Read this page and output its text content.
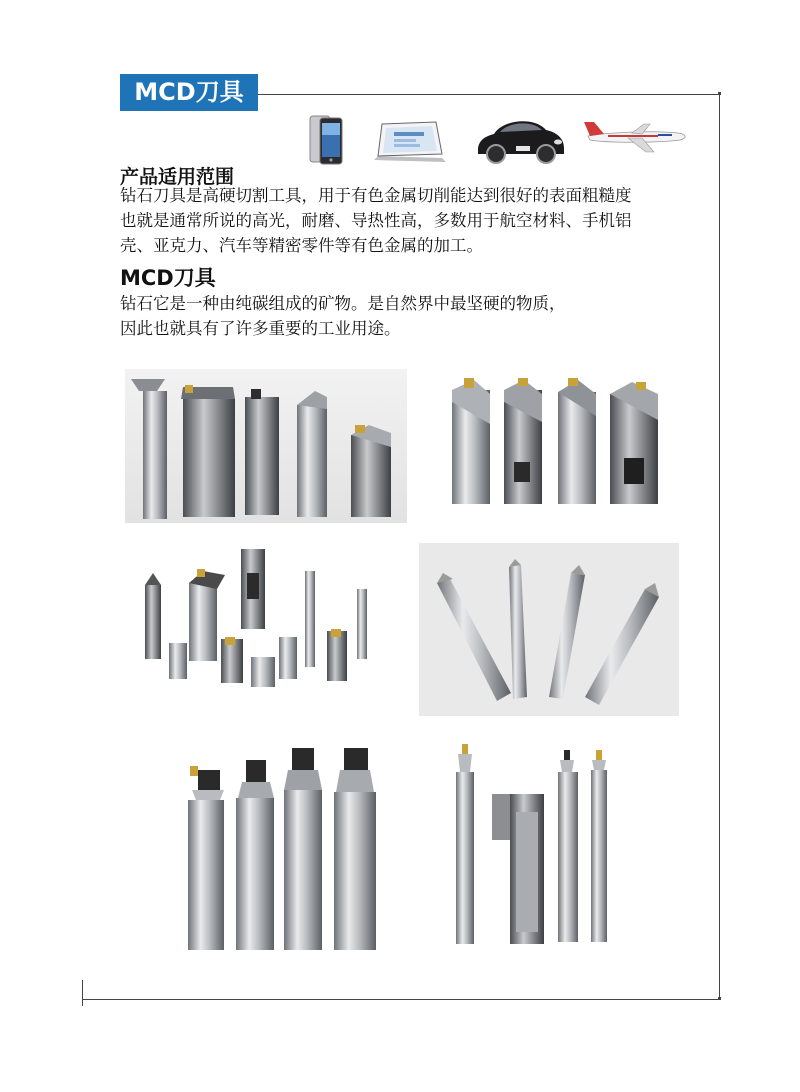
MCD刀具
产品适用范围
钻石刀具是高硬切割工具，用于有色金属切削能达到很好的表面粗糙度
也就是通常所说的高光，耐磨、导热性高，多数用于航空材料、手机铝
壳、亚克力、汽车等精密零件等有色金属的加工。
MCD刀具
钻石它是一种由纯碳组成的矿物。是自然界中最坚硬的物质，
因此也就具有了许多重要的工业用途。
